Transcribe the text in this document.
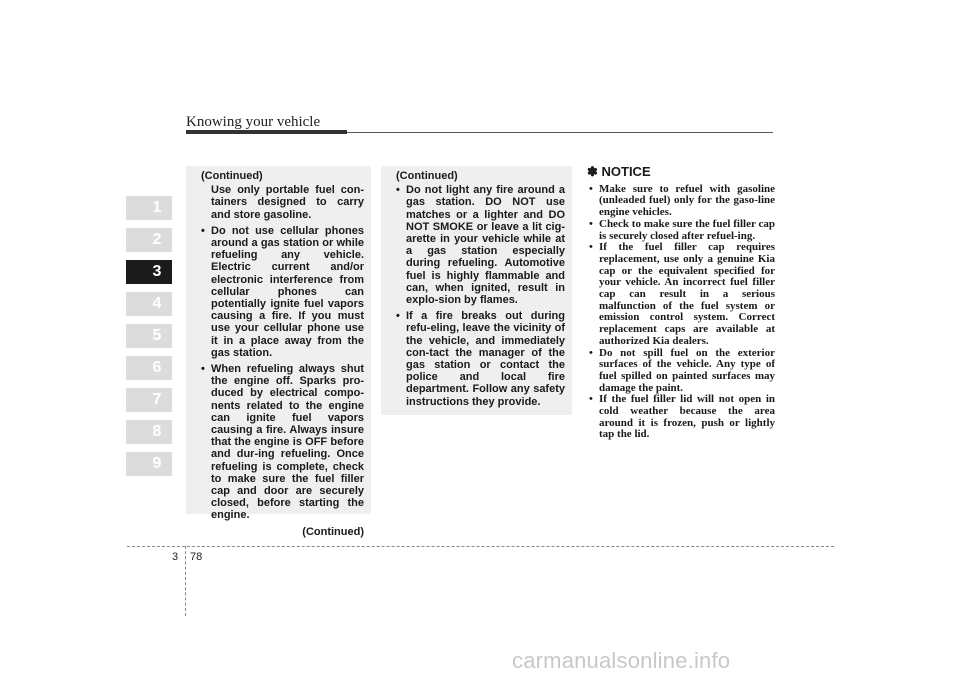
Knowing your vehicle
1
2
3
4
5
6
7
8
9
(Continued)
Use only portable fuel con-tainers designed to carry and store gasoline.
• Do not use cellular phones around a gas station or while refueling any vehicle. Electric current and/or electronic interference from cellular phones can potentially ignite fuel vapors causing a fire. If you must use your cellular phone use it in a place away from the gas station.
• When refueling always shut the engine off. Sparks pro-duced by electrical compo-nents related to the engine can ignite fuel vapors causing a fire. Always insure that the engine is OFF before and dur-ing refueling. Once refueling is complete, check to make sure the fuel filler cap and door are securely closed, before starting the engine.
(Continued)
(Continued)
• Do not light any fire around a gas station. DO NOT use matches or a lighter and DO NOT SMOKE or leave a lit cig-arette in your vehicle while at a gas station especially during refueling. Automotive fuel is highly flammable and can, when ignited, result in explo-sion by flames.
• If a fire breaks out during refu-eling, leave the vicinity of the vehicle, and immediately con-tact the manager of the gas station or contact the police and local fire department. Follow any safety instructions they provide.
✽ NOTICE
• Make sure to refuel with gasoline (unleaded fuel) only for the gaso-line engine vehicles.
• Check to make sure the fuel filler cap is securely closed after refuel-ing.
• If the fuel filler cap requires replacement, use only a genuine Kia cap or the equivalent specified for your vehicle. An incorrect fuel filler cap can result in a serious malfunction of the fuel system or emission control system. Correct replacement caps are available at authorized Kia dealers.
• Do not spill fuel on the exterior surfaces of the vehicle. Any type of fuel spilled on painted surfaces may damage the paint.
• If the fuel filler lid will not open in cold weather because the area around it is frozen, push or lightly tap the lid.
3 78
carmanualsonline.info
